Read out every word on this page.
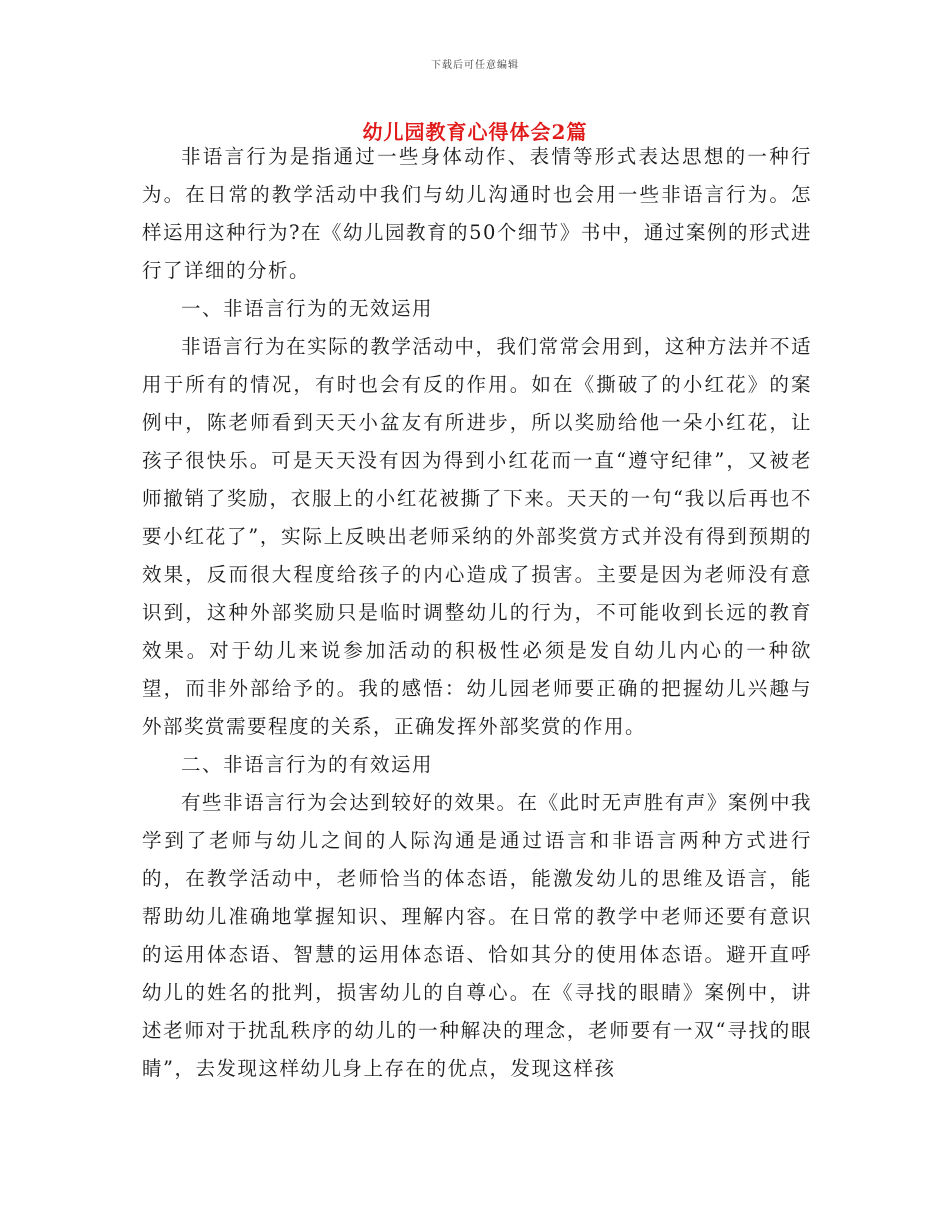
下载后可任意编辑
幼儿园教育心得体会2篇

非语言行为是指通过一些身体动作、表情等形式表达思想的一种行为。在日常的教学活动中我们与幼儿沟通时也会用一些非语言行为。怎样运用这种行为?在《幼儿园教育的50个细节》书中，通过案例的形式进行了详细的分析。

一、非语言行为的无效运用

非语言行为在实际的教学活动中，我们常常会用到，这种方法并不适用于所有的情况，有时也会有反的作用。如在《撕破了的小红花》的案例中，陈老师看到天天小盆友有所进步，所以奖励给他一朵小红花，让孩子很快乐。可是天天没有因为得到小红花而一直“遵守纪律”，又被老师撤销了奖励，衣服上的小红花被撕了下来。天天的一句“我以后再也不要小红花了”，实际上反映出老师采纳的外部奖赏方式并没有得到预期的效果，反而很大程度给孩子的内心造成了损害。主要是因为老师没有意识到，这种外部奖励只是临时调整幼儿的行为，不可能收到长远的教育效果。对于幼儿来说参加活动的积极性必须是发自幼儿内心的一种欲望，而非外部给予的。我的感悟：幼儿园老师要正确的把握幼儿兴趣与外部奖赏需要程度的关系，正确发挥外部奖赏的作用。

二、非语言行为的有效运用

有些非语言行为会达到较好的效果。在《此时无声胜有声》案例中我学到了老师与幼儿之间的人际沟通是通过语言和非语言两种方式进行的，在教学活动中，老师恰当的体态语，能激发幼儿的思维及语言，能帮助幼儿准确地掌握知识、理解内容。在日常的教学中老师还要有意识的运用体态语、智慧的运用体态语、恰如其分的使用体态语。避开直呼幼儿的姓名的批判，损害幼儿的自尊心。在《寻找的眼睛》案例中，讲述老师对于扰乱秩序的幼儿的一种解决的理念，老师要有一双“寻找的眼睛”，去发现这样幼儿身上存在的优点，发现这样孩
